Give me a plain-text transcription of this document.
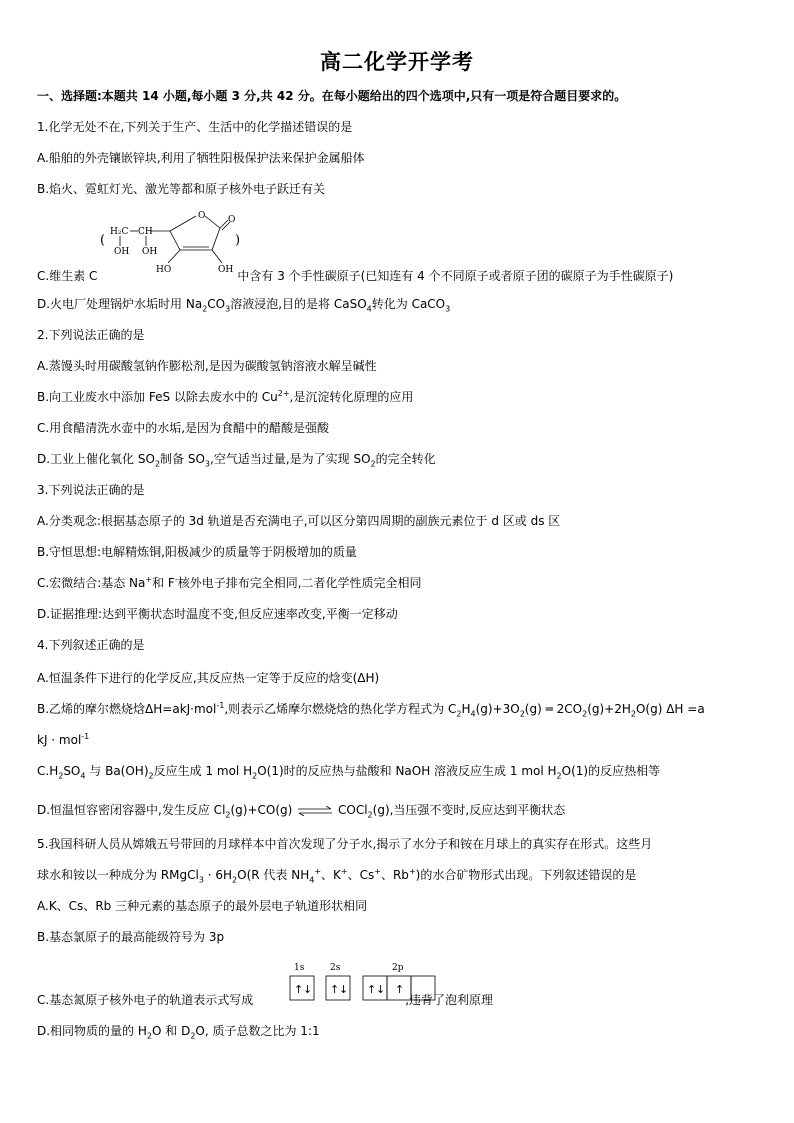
高二化学开学考
一、选择题:本题共 14 小题,每小题 3 分,共 42 分。在每小题给出的四个选项中,只有一项是符合题目要求的。
1.化学无处不在,下列关于生产、生活中的化学描述错误的是
A.船舶的外壳镶嵌锌块,利用了牺牲阳极保护法来保护金属船体
B.焰火、霓虹灯光、激光等都和原子核外电子跃迁有关
(
H₂C CH
OH OH
O	O
HO	OH
)
C.维生素 C	中含有 3 个手性碳原子(已知连有 4 个不同原子或者原子团的碳原子为手性碳原子)
D.火电厂处理锅炉水垢时用 $Na_2CO_3$溶液浸泡,目的是将 CaSO$_4$转化为 CaCO$_3$
2.下列说法正确的是
A.蒸馒头时用碳酸氢钠作膨松剂,是因为碳酸氢钠溶液水解呈碱性
B.向工业废水中添加 FeS 以除去废水中的 $Cu^{2+}$,是沉淀转化原理的应用
C.用食醋清洗水壶中的水垢,是因为食醋中的醋酸是强酸
D.工业上催化氧化 $SO_2$制备 $SO_3$,空气适当过量,是为了实现 $SO_2$的完全转化
3.下列说法正确的是
A.分类观念:根据基态原子的 3d 轨道是否充满电子,可以区分第四周期的副族元素位于 d 区或 ds 区
B.守恒思想:电解精炼铜,阳极减少的质量等于阴极增加的质量
C.宏微结合:基态 Na+和 F-核外电子排布完全相同,二者化学性质完全相同
D.证据推理:达到平衡状态时温度不变,但反应速率改变,平衡一定移动
4.下列叙述正确的是
A.恒温条件下进行的化学反应,其反应热一定等于反应的焓变(ΔH)
B.乙烯的摩尔燃烧焓ΔH=akJ·mol$^{-1}$,则表示乙烯摩尔燃烧焓的热化学方程式为 $C_2H_4(g)+3O_2(g)$ ═ $2CO_2(g)+2H_2O(g)$ ΔH =a
kJ · mol$^{-1}$
$C.H_2SO_4$ 与 $Ba(OH)_2$反应生成 1 mol $H_2O(1)$时的反应热与盐酸和 NaOH 溶液反应生成 1 mol $H_2O(1)$的反应热相等
D.恒温恒容密闭容器中,发生反应 $Cl_2(g)+CO(g)$ ⇌ COCl$_2$(g),当压强不变时,反应达到平衡状态
5.我国科研人员从嫦娥五号带回的月球样本中首次发现了分子水,揭示了水分子和铵在月球上的真实存在形式。这些月
球水和铵以一种成分为 RMgCl$_3$ · $6H_2O(R$ 代表 $NH_4^+$、K+、Cs+、Rb+)的水合矿物形式出现。下列叙述错误的是
A.K、Cs、Rb 三种元素的基态原子的最外层电子轨道形状相同
B.基态氯原子的最高能级符号为 3p
1s	2s	2p
↑ ↓ ↑ ↓ ↑ ↓ ↑
C.基态氮原子核外电子的轨道表示式写成	,违背了泡利原理
D.相同物质的量的 $H_2O$ 和 $D_2O$, 质子总数之比为 1:1
